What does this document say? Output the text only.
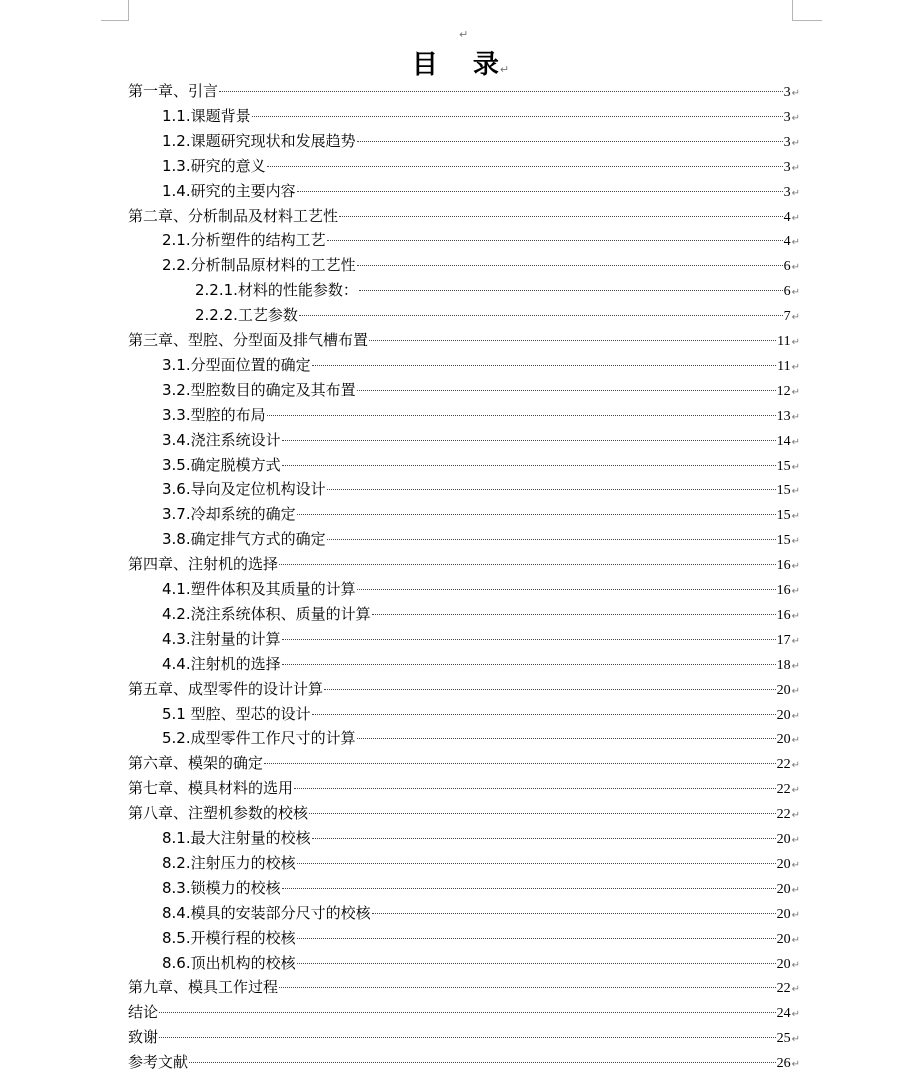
↵
目 录↵
第一章、引言	3 ↵
1.1.课题背景	3 ↵
1.2.课题研究现状和发展趋势	3 ↵
1.3.研究的意义	3 ↵
1.4.研究的主要内容	3 ↵
第二章、分析制品及材料工艺性	4 ↵
2.1.分析塑件的结构工艺	4 ↵
2.2.分析制品原材料的工艺性	6 ↵
2.2.1.材料的性能参数：	6 ↵
2.2.2.工艺参数	7 ↵
第三章、型腔、分型面及排气槽布置	11 ↵
3.1.分型面位置的确定	11 ↵
3.2.型腔数目的确定及其布置	12 ↵
3.3.型腔的布局	13 ↵
3.4.浇注系统设计	14 ↵
3.5.确定脱模方式	15 ↵
3.6.导向及定位机构设计	15 ↵
3.7.冷却系统的确定	15 ↵
3.8.确定排气方式的确定	15 ↵
第四章、注射机的选择	16 ↵
4.1.塑件体积及其质量的计算	16 ↵
4.2.浇注系统体积、质量的计算	16 ↵
4.3.注射量的计算	17 ↵
4.4.注射机的选择	18 ↵
第五章、成型零件的设计计算	20 ↵
5.1 型腔、型芯的设计	20 ↵
5.2.成型零件工作尺寸的计算	20 ↵
第六章、模架的确定	22 ↵
第七章、模具材料的选用	22 ↵
第八章、注塑机参数的校核	22 ↵
8.1.最大注射量的校核	20 ↵
8.2.注射压力的校核	20 ↵
8.3.锁模力的校核	20 ↵
8.4.模具的安装部分尺寸的校核	20 ↵
8.5.开模行程的校核	20 ↵
8.6.顶出机构的校核	20 ↵
第九章、模具工作过程	22 ↵
结论	24 ↵
致谢	25 ↵
参考文献	26 ↵
